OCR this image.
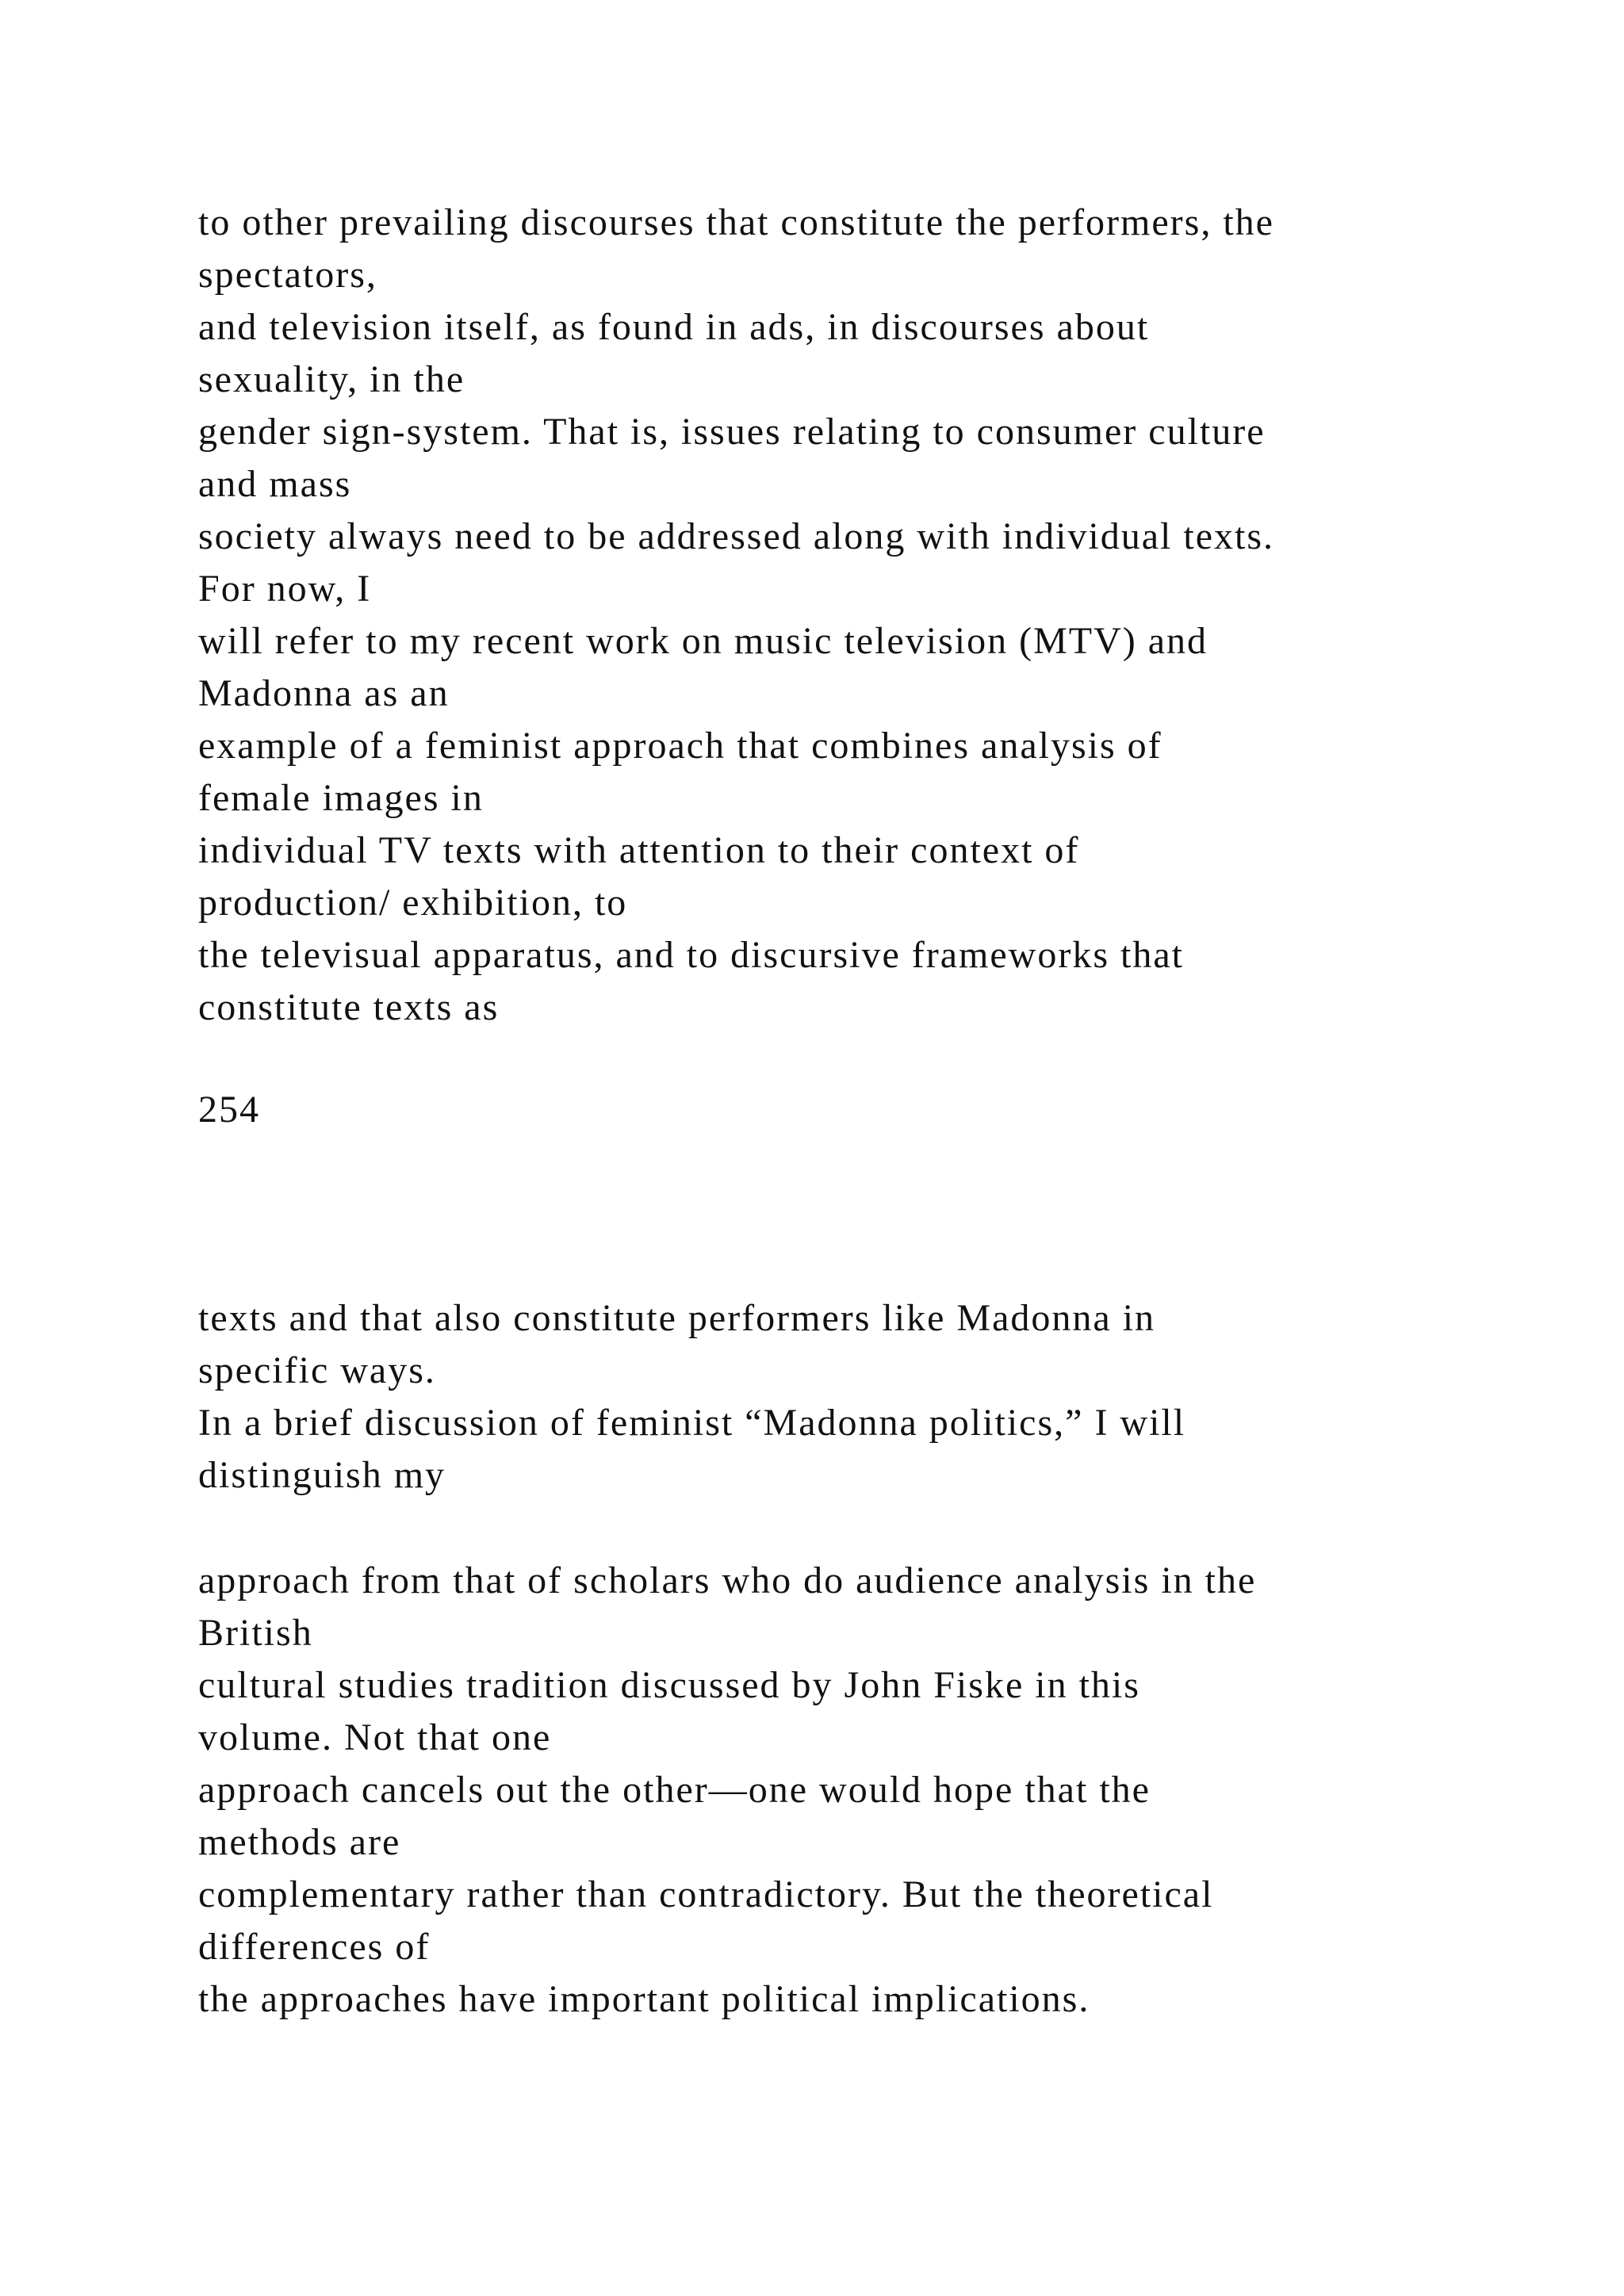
to other prevailing discourses that constitute the performers, the
spectators,
and television itself, as found in ads, in discourses about
sexuality, in the
gender sign-system. That is, issues relating to consumer culture
and mass
society always need to be addressed along with individual texts.
For now, I
will refer to my recent work on music television (MTV) and
Madonna as an
example of a feminist approach that combines analysis of
female images in
individual TV texts with attention to their context of
production/ exhibition, to
the televisual apparatus, and to discursive frameworks that
constitute texts as
254
texts and that also constitute performers like Madonna in
specific ways.
In a brief discussion of feminist “Madonna politics,” I will
distinguish my
approach from that of scholars who do audience analysis in the
British
cultural studies tradition discussed by John Fiske in this
volume. Not that one
approach cancels out the other—one would hope that the
methods are
complementary rather than contradictory. But the theoretical
differences of
the approaches have important political implications.
